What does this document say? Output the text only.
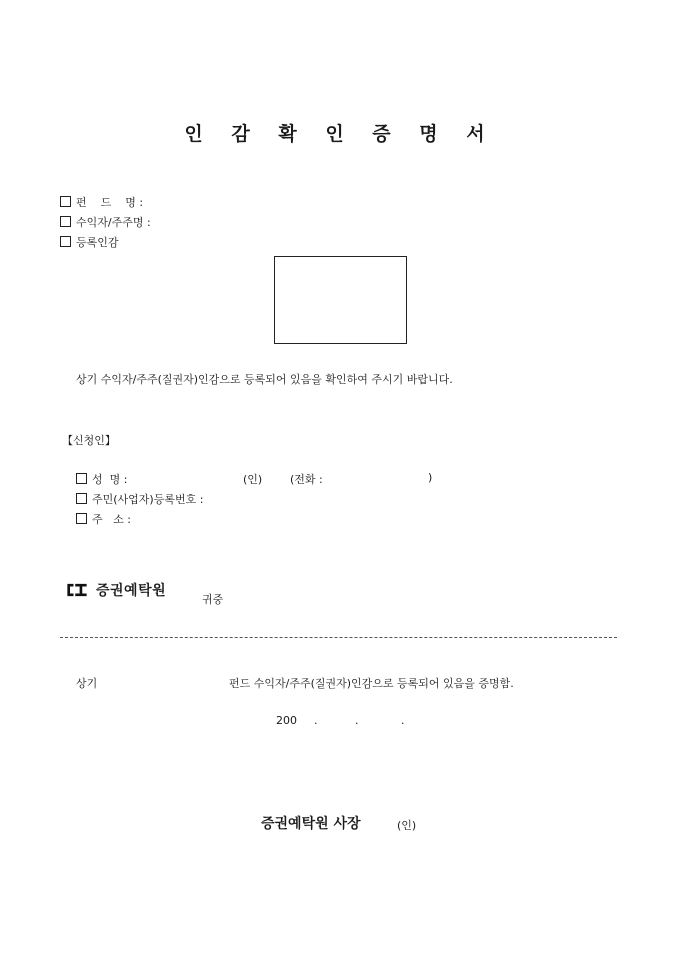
인 감 확 인 증 명 서
펀    드    명 :
수익자/주주명 :
등록인감
상기 수익자/주주(질권자)인감으로 등록되어 있음을 확인하여 주시기 바랍니다.
【신청인】
성  명 :	(인)	(전화 :	)
주민(사업자)등록번호 :
주   소 :
증권예탁원
귀중
상기	펀드 수익자/주주(질권자)인감으로 등록되어 있음을 증명함.
200 .	.	.
증권예탁원 사장	(인)
